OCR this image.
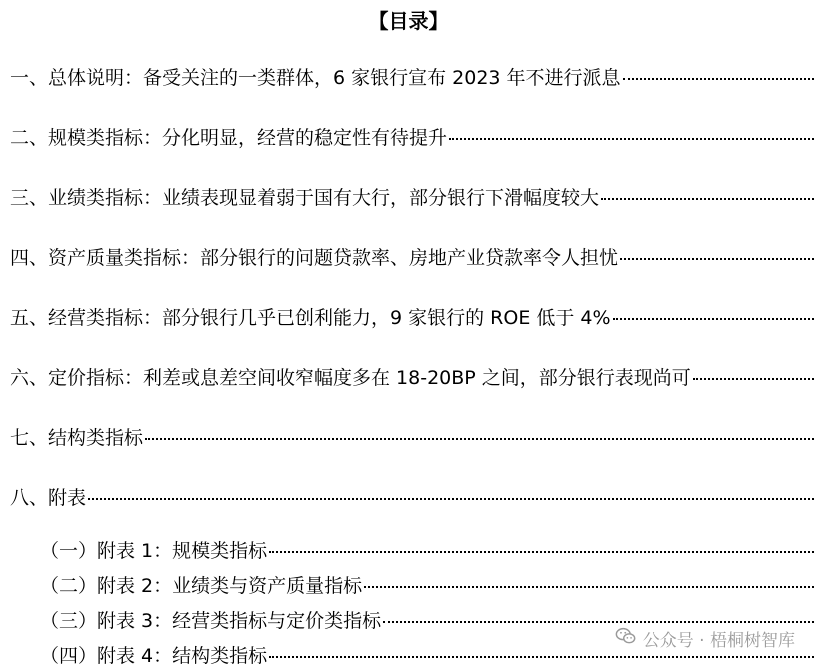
【目录】
一、总体说明：备受关注的一类群体，6 家银行宣布 2023 年不进行派息
二、规模类指标：分化明显，经营的稳定性有待提升
三、业绩类指标：业绩表现显着弱于国有大行，部分银行下滑幅度较大
四、资产质量类指标：部分银行的问题贷款率、房地产业贷款率令人担忧
五、经营类指标：部分银行几乎已创利能力，9 家银行的 ROE 低于 4%
六、定价指标：利差或息差空间收窄幅度多在 18-20BP 之间，部分银行表现尚可
七、结构类指标
八、附表
（一）附表 1：规模类指标
（二）附表 2：业绩类与资产质量指标
（三）附表 3：经营类指标与定价类指标
（四）附表 4：结构类指标
公众号 · 梧桐树智库
